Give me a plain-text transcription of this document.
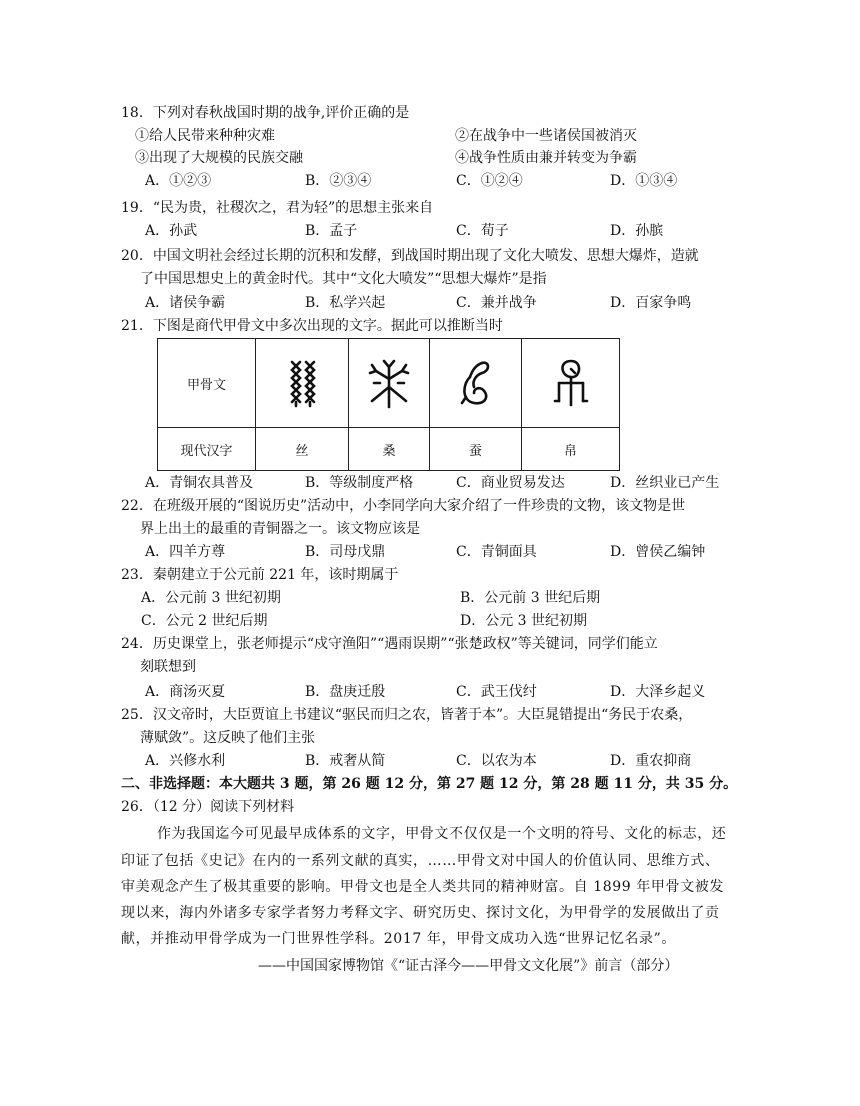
18．下列对春秋战国时期的战争,评价正确的是
①给人民带来种种灾难	②在战争中一些诸侯国被消灭
③出现了大规模的民族交融	④战争性质由兼并转变为争霸
A．①②③	B．②③④	C．①②④	D．①③④
19．“民为贵，社稷次之，君为轻”的思想主张来自
A．孙武	B．孟子	C．荀子	D．孙膑
20．中国文明社会经过长期的沉积和发酵，到战国时期出现了文化大喷发、思想大爆炸，造就
了中国思想史上的黄金时代。其中“文化大喷发”“思想大爆炸”是指
A．诸侯争霸	B．私学兴起	C．兼并战争	D．百家争鸣
21．下图是商代甲骨文中多次出现的文字。据此可以推断当时
甲骨文	

现代汉字	丝	桑	蚕	帛
A．青铜农具普及	B．等级制度严格	C．商业贸易发达	D．丝织业已产生
22．在班级开展的“图说历史”活动中，小李同学向大家介绍了一件珍贵的文物，该文物是世
界上出土的最重的青铜器之一。该文物应该是
A．四羊方尊	B．司母戊鼎	C．青铜面具	D．曾侯乙编钟
23．秦朝建立于公元前 221 年，该时期属于
A．公元前 3 世纪初期	B．公元前 3 世纪后期
C．公元 2 世纪后期	D．公元 3 世纪初期
24．历史课堂上，张老师提示“戍守渔阳”“遇雨误期”“张楚政权”等关键词，同学们能立
刻联想到
A．商汤灭夏	B．盘庚迁殷	C．武王伐纣	D．大泽乡起义
25．汉文帝时，大臣贾谊上书建议“驱民而归之农，皆著于本”。大臣晁错提出“务民于农桑，
薄赋敛”。这反映了他们主张
A．兴修水利	B．戒奢从简	C．以农为本	D．重农抑商
二、非选择题：本大题共 3 题，第 26 题 12 分，第 27 题 12 分，第 28 题 11 分，共 35 分。
26．（12 分）阅读下列材料
作为我国迄今可见最早成体系的文字，甲骨文不仅仅是一个文明的符号、文化的标志，还
印证了包括《史记》在内的一系列文献的真实，……甲骨文对中国人的价值认同、思维方式、
审美观念产生了极其重要的影响。甲骨文也是全人类共同的精神财富。自 1899 年甲骨文被发
现以来，海内外诸多专家学者努力考释文字、研究历史、探讨文化，为甲骨学的发展做出了贡
献，并推动甲骨学成为一门世界性学科。2017 年，甲骨文成功入选“世界记忆名录”。
——中国国家博物馆《“证古泽今——甲骨文文化展”》前言（部分）
